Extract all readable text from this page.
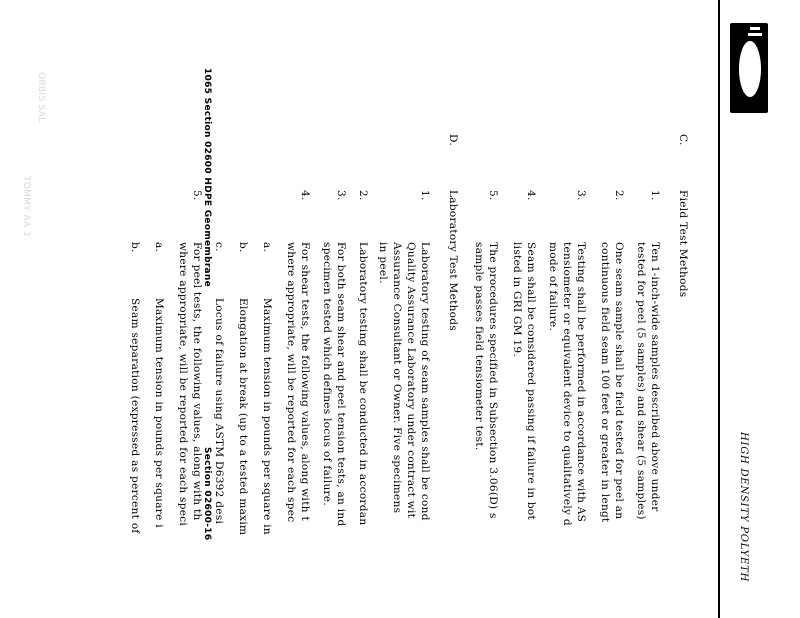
HIGH DENSITY POLYETH
C.
Field Test Methods
1.
Ten 1-inch-wide samples described above under
tested for peel (5 samples) and shear (5 samples)
2.
One seam sample shall be field tested for peel an
continuous field seam 100 feet or greater in lengt
3.
Testing shall be performed in accordance with AS
tensiometer or equivalent device to qualitatively d
mode of failure.
4.
Seam shall be considered passing if failure in bot
listed in GRI GM 19.
5.
The procedures specified in Subsection 3.06(D) s
sample passes field tensiometer test.
D.
Laboratory Test Methods
1.
Laboratory testing of seam samples shall be cond
Quality Assurance Laboratory under contract wit
Assurance Consultant or Owner. Five specimens
in peel.
2.
Laboratory testing shall be conducted in accordan
3.
For both seam shear and peel tension tests, an ind
specimen tested which defines locus of failure.
4.
For shear tests, the following values, along with t
where appropriate, will be reported for each spec
a.
Maximum tension in pounds per square in
b.
Elongation at break (up to a tested maxim
c.
Locus of failure using ASTM D6392 desi
5.
For peel tests, the following values, along with th
where appropriate, will be reported for each speci
a.
Maximum tension in pounds per square i
b.
Seam separation (expressed as percent of
1065 Section 02600 HDPE Geomembrane
Section 02600-16
ORBIS SAL
TOMMY AA 3
